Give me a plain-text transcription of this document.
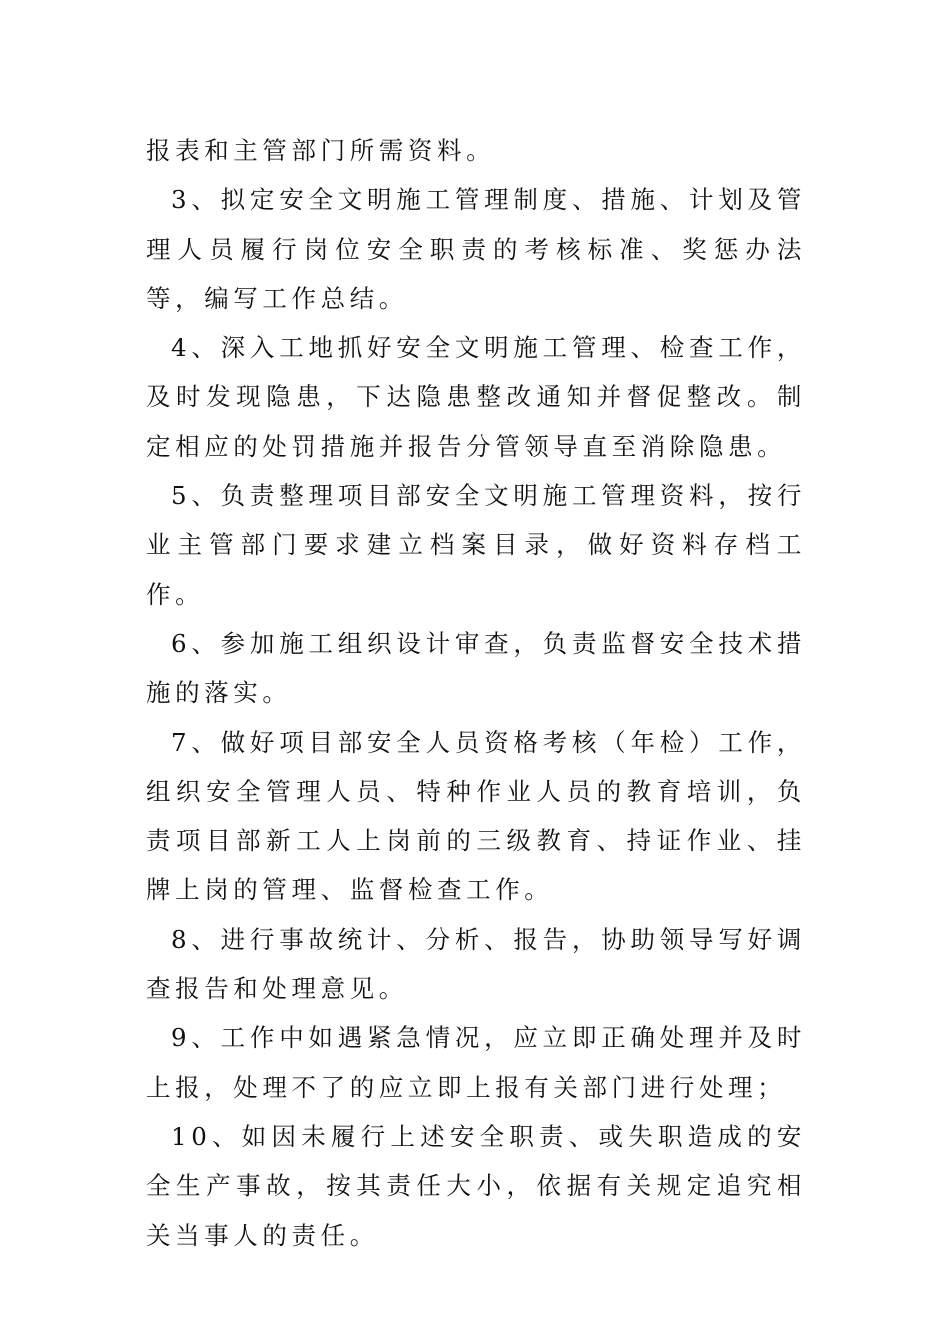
报表和主管部门所需资料。

3、拟定安全文明施工管理制度、措施、计划及管理人员履行岗位安全职责的考核标准、奖惩办法等，编写工作总结。

4、深入工地抓好安全文明施工管理、检查工作，及时发现隐患，下达隐患整改通知并督促整改。制定相应的处罚措施并报告分管领导直至消除隐患。

5、负责整理项目部安全文明施工管理资料，按行业主管部门要求建立档案目录，做好资料存档工作。

6、参加施工组织设计审查，负责监督安全技术措施的落实。

7、做好项目部安全人员资格考核（年检）工作，组织安全管理人员、特种作业人员的教育培训，负责项目部新工人上岗前的三级教育、持证作业、挂牌上岗的管理、监督检查工作。

8、进行事故统计、分析、报告，协助领导写好调查报告和处理意见。

9、工作中如遇紧急情况，应立即正确处理并及时上报，处理不了的应立即上报有关部门进行处理；

10、如因未履行上述安全职责、或失职造成的安全生产事故，按其责任大小，依据有关规定追究相关当事人的责任。
